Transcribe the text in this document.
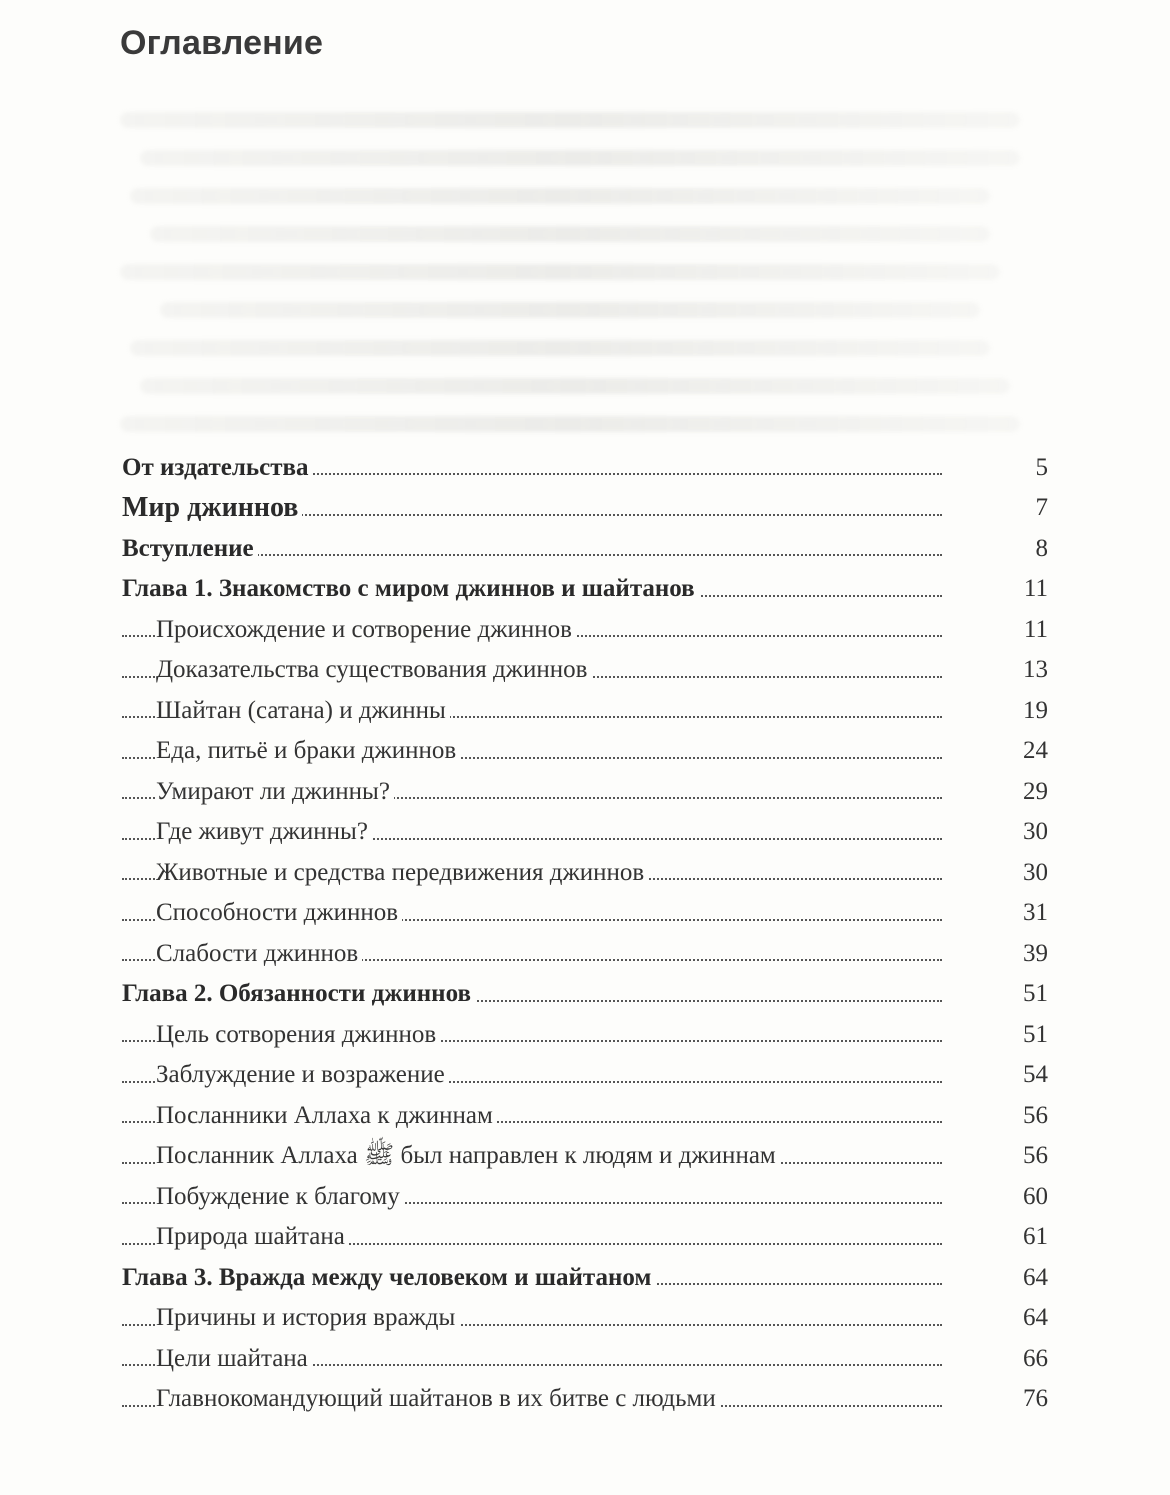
Оглавление
От издательства	5
Мир джиннов	7
Вступление	8
Глава 1. Знакомство с миром джиннов и шайтанов	11
Происхождение и сотворение джиннов	11
Доказательства существования джиннов	13
Шайтан (сатана) и джинны	19
Еда, питьё и браки джиннов	24
Умирают ли джинны?	29
Где живут джинны?	30
Животные и средства передвижения джиннов	30
Способности джиннов	31
Слабости джиннов	39
Глава 2. Обязанности джиннов	51
Цель сотворения джиннов	51
Заблуждение и возражение	54
Посланники Аллаха к джиннам	56
Посланник Аллаха ﷺ был направлен к людям и джиннам	56
Побуждение к благому	60
Природа шайтана	61
Глава 3. Вражда между человеком и шайтаном	64
Причины и история вражды	64
Цели шайтана	66
Главнокомандующий шайтанов в их битве с людьми	76
